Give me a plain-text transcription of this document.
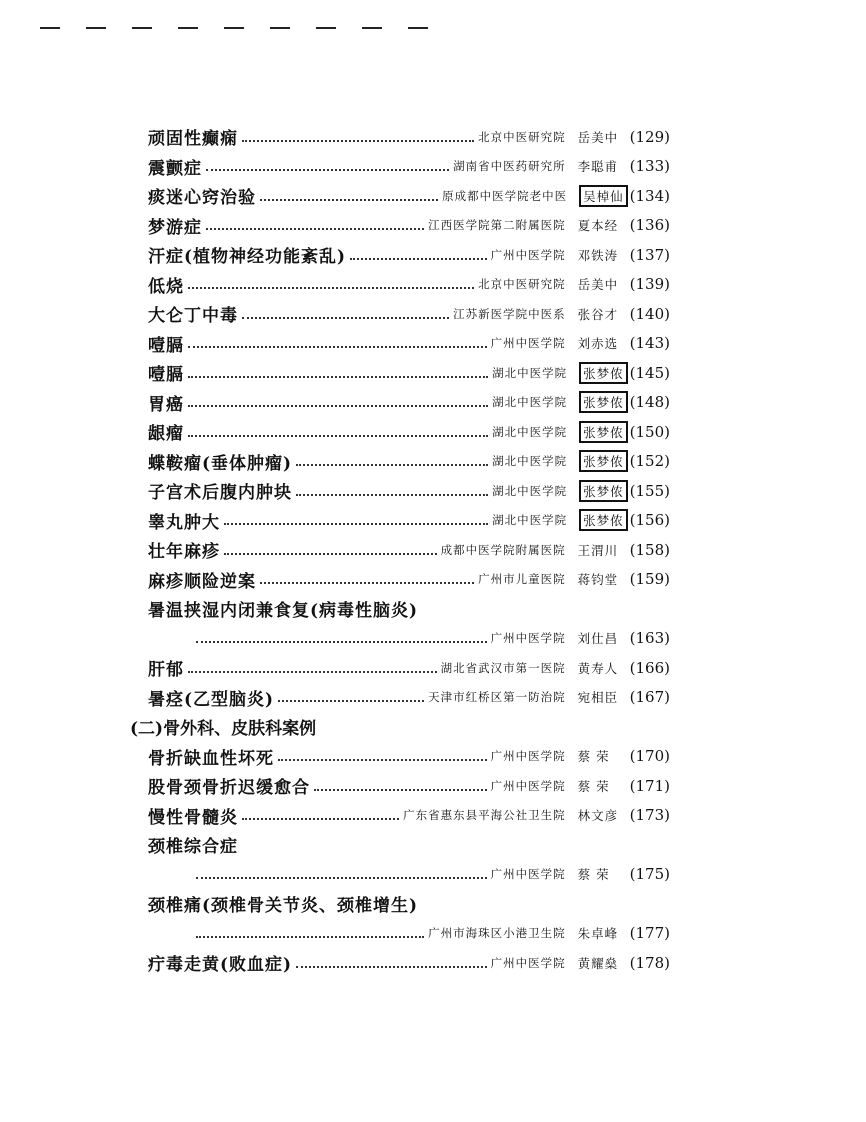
顽固性癫痫	北京中医研究院 岳美中 (129)
震颤症	湖南省中医药研究所 李聪甫 (133)
痰迷心窍治验	原成都中医学院老中医	吴棹仙 (134)
梦游症	江西医学院第二附属医院 夏本经 (136)
汗症(植物神经功能紊乱)	广州中医学院 邓铁涛 (137)
低烧	北京中医研究院 岳美中 (139)
大仑丁中毒	江苏新医学院中医系 张谷才 (140)
噎膈	广州中医学院 刘赤选 (143)
噎膈	湖北中医学院	张梦侬 (145)
胃癌	湖北中医学院	张梦侬 (148)
龈瘤	湖北中医学院	张梦侬 (150)
蝶鞍瘤(垂体肿瘤)	湖北中医学院	张梦侬 (152)
子宫术后腹内肿块	湖北中医学院	张梦侬 (155)
睾丸肿大	湖北中医学院	张梦侬 (156)
壮年麻疹	成都中医学院附属医院 王渭川 (158)
麻疹顺险逆案	广州市儿童医院 蒋钧堂 (159)
暑温挟湿内闭兼食复(病毒性脑炎)
广州中医学院 刘仕昌 (163)
肝郁	湖北省武汉市第一医院 黄寿人 (166)
暑痉(乙型脑炎)	天津市红桥区第一防治院 宛相臣 (167)
(二)骨外科、皮肤科案例
骨折缺血性坏死	广州中医学院 蔡 荣	(170)
股骨颈骨折迟缓愈合	广州中医学院 蔡 荣	(171)
慢性骨髓炎	广东省惠东县平海公社卫生院 林文彦 (173)
颈椎综合症
广州中医学院 蔡 荣	(175)
颈椎痛(颈椎骨关节炎、颈椎增生)
广州市海珠区小港卫生院 朱卓峰 (177)
疔毒走黄(败血症)	广州中医学院 黄耀燊 (178)
